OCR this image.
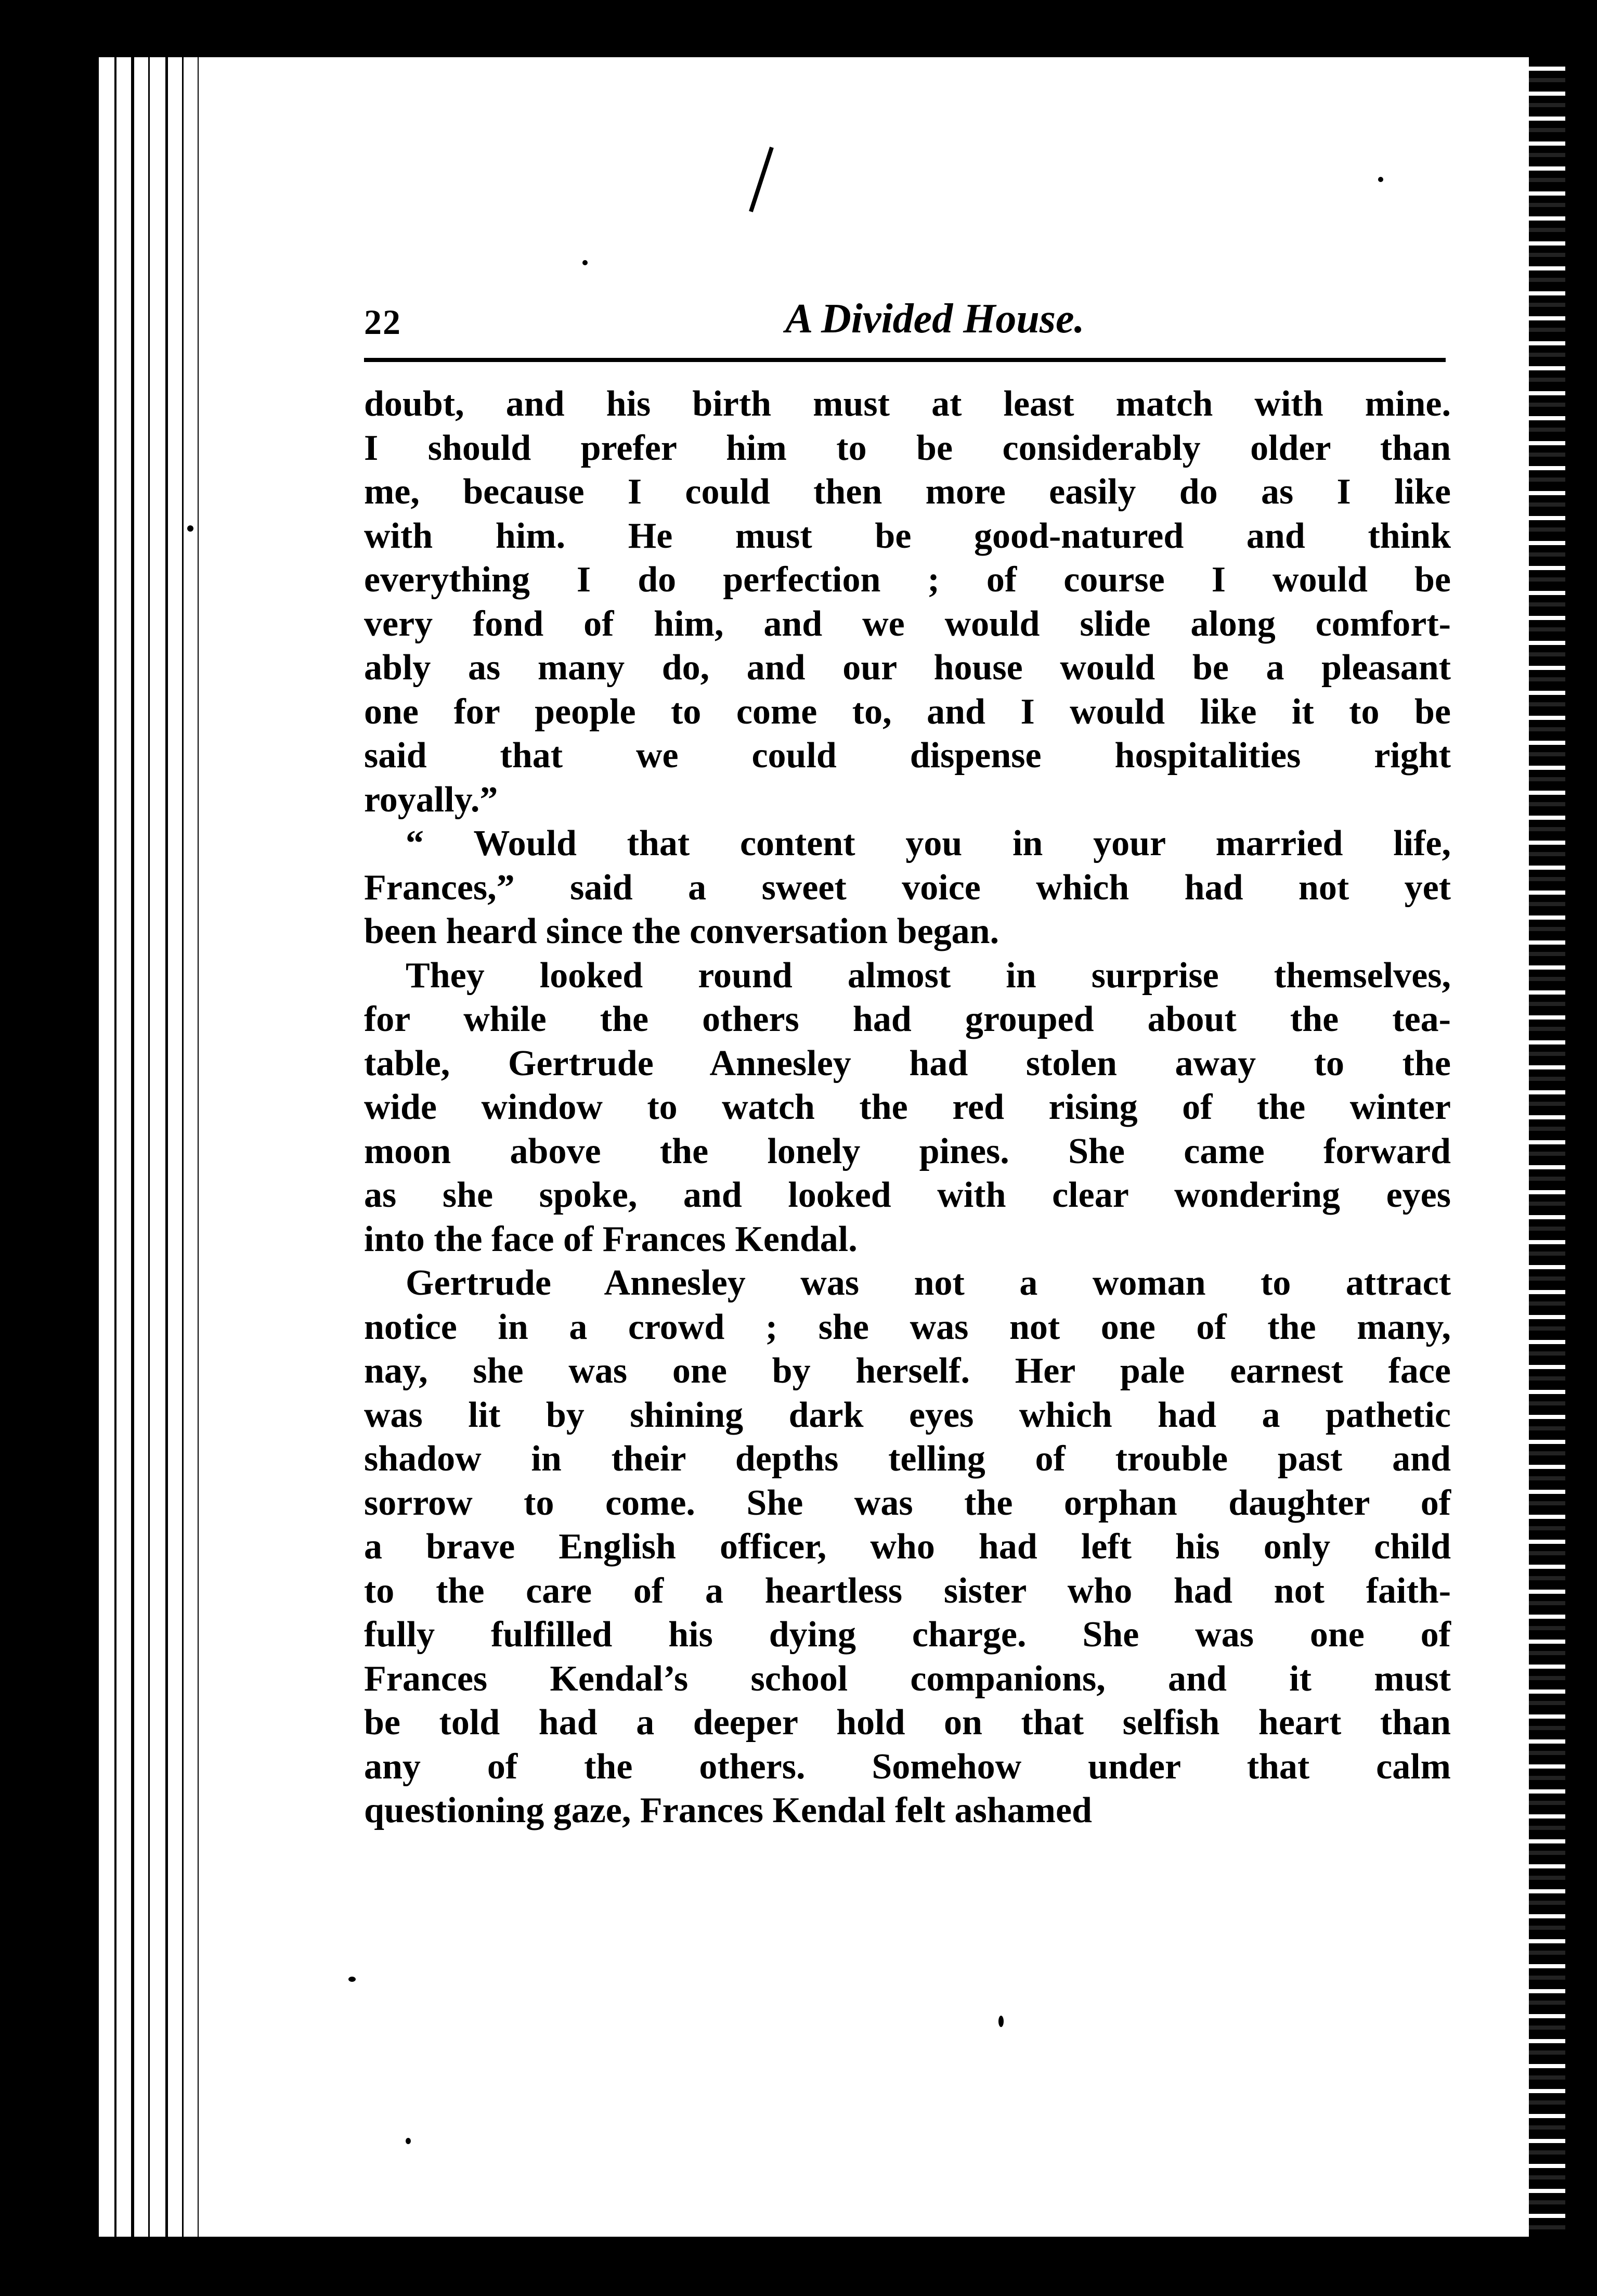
22	A Divided House.
doubt, and his birth must at least match with mine.
I should prefer him to be considerably older than
me, because I could then more easily do as I like
with him. He must be good-natured and think
everything I do perfection ; of course I would be
very fond of him, and we would slide along comfort-
ably as many do, and our house would be a pleasant
one for people to come to, and I would like it to be
said that we could dispense hospitalities right
royally.”
“ Would that content you in your married life,
Frances,” said a sweet voice which had not yet
been heard since the conversation began.
They looked round almost in surprise themselves,
for while the others had grouped about the tea-
table, Gertrude Annesley had stolen away to the
wide window to watch the red rising of the winter
moon above the lonely pines. She came forward
as she spoke, and looked with clear wondering eyes
into the face of Frances Kendal.
Gertrude Annesley was not a woman to attract
notice in a crowd ; she was not one of the many,
nay, she was one by herself. Her pale earnest face
was lit by shining dark eyes which had a pathetic
shadow in their depths telling of trouble past and
sorrow to come. She was the orphan daughter of
a brave English officer, who had left his only child
to the care of a heartless sister who had not faith-
fully fulfilled his dying charge. She was one of
Frances Kendal’s school companions, and it must
be told had a deeper hold on that selfish heart than
any of the others. Somehow under that calm
questioning gaze, Frances Kendal felt ashamed
